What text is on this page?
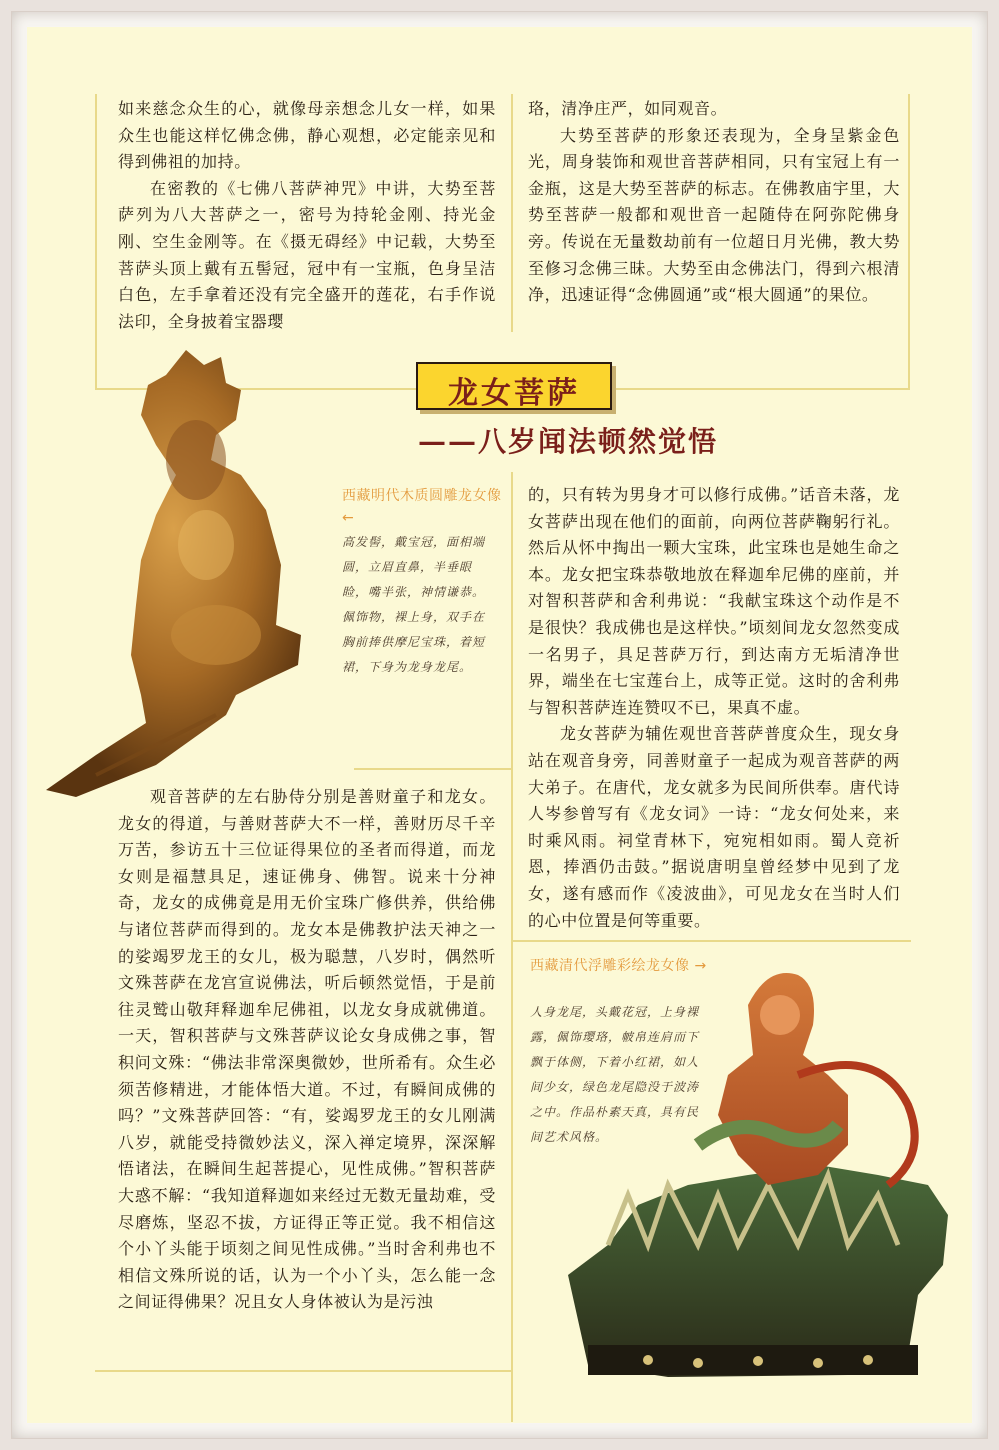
如来慈念众生的心，就像母亲想念儿女一样，如果众生也能这样忆佛念佛，静心观想，必定能亲见和得到佛祖的加持。

在密教的《七佛八菩萨神咒》中讲，大势至菩萨列为八大菩萨之一，密号为持轮金刚、持光金刚、空生金刚等。在《摄无碍经》中记载，大势至菩萨头顶上戴有五髻冠，冠中有一宝瓶，色身呈洁白色，左手拿着还没有完全盛开的莲花，右手作说法印，全身披着宝器璎

珞，清净庄严，如同观音。

大势至菩萨的形象还表现为，全身呈紫金色光，周身装饰和观世音菩萨相同，只有宝冠上有一金瓶，这是大势至菩萨的标志。在佛教庙宇里，大势至菩萨一般都和观世音一起随侍在阿弥陀佛身旁。传说在无量数劫前有一位超日月光佛，教大势至修习念佛三昧。大势至由念佛法门，得到六根清净，迅速证得“念佛圆通”或“根大圆通”的果位。

龙女菩萨
——八岁闻法顿然觉悟
西藏明代木质圆雕龙女像 ←
高发髻，戴宝冠，面相端圆，立眉直鼻，半垂眼睑，嘴半张，神情谦恭。佩饰物，裸上身，双手在胸前捧供摩尼宝珠，着短裙，下身为龙身龙尾。

的，只有转为男身才可以修行成佛。”话音未落，龙女菩萨出现在他们的面前，向两位菩萨鞠躬行礼。然后从怀中掏出一颗大宝珠，此宝珠也是她生命之本。龙女把宝珠恭敬地放在释迦牟尼佛的座前，并对智积菩萨和舍利弗说：“我献宝珠这个动作是不是很快？我成佛也是这样快。”顷刻间龙女忽然变成一名男子，具足菩萨万行，到达南方无垢清净世界，端坐在七宝莲台上，成等正觉。这时的舍利弗与智积菩萨连连赞叹不已，果真不虚。

龙女菩萨为辅佐观世音菩萨普度众生，现女身站在观音身旁，同善财童子一起成为观音菩萨的两大弟子。在唐代，龙女就多为民间所供奉。唐代诗人岑参曾写有《龙女词》一诗：“龙女何处来，来时乘风雨。祠堂青林下，宛宛相如雨。蜀人竞祈恩，捧酒仍击鼓。”据说唐明皇曾经梦中见到了龙女，遂有感而作《凌波曲》，可见龙女在当时人们的心中位置是何等重要。

观音菩萨的左右胁侍分别是善财童子和龙女。龙女的得道，与善财菩萨大不一样，善财历尽千辛万苦，参访五十三位证得果位的圣者而得道，而龙女则是福慧具足，速证佛身、佛智。说来十分神奇，龙女的成佛竟是用无价宝珠广修供养，供给佛与诸位菩萨而得到的。龙女本是佛教护法天神之一的娑竭罗龙王的女儿，极为聪慧，八岁时，偶然听文殊菩萨在龙宫宣说佛法，听后顿然觉悟，于是前往灵鹫山敬拜释迦牟尼佛祖，以龙女身成就佛道。一天，智积菩萨与文殊菩萨议论女身成佛之事，智积问文殊：“佛法非常深奥微妙，世所希有。众生必须苦修精进，才能体悟大道。不过，有瞬间成佛的吗？”文殊菩萨回答：“有，娑竭罗龙王的女儿刚满八岁，就能受持微妙法义，深入禅定境界，深深解悟诸法，在瞬间生起菩提心，见性成佛。”智积菩萨大惑不解：“我知道释迦如来经过无数无量劫难，受尽磨炼，坚忍不拔，方证得正等正觉。我不相信这个小丫头能于顷刻之间见性成佛。”当时舍利弗也不相信文殊所说的话，认为一个小丫头，怎么能一念之间证得佛果？况且女人身体被认为是污浊

西藏清代浮雕彩绘龙女像 →
人身龙尾，头戴花冠，上身裸露，佩饰璎珞，帔帛连肩而下飘于体侧，下着小红裙，如人间少女，绿色龙尾隐没于波涛之中。作品朴素天真，具有民间艺术风格。
